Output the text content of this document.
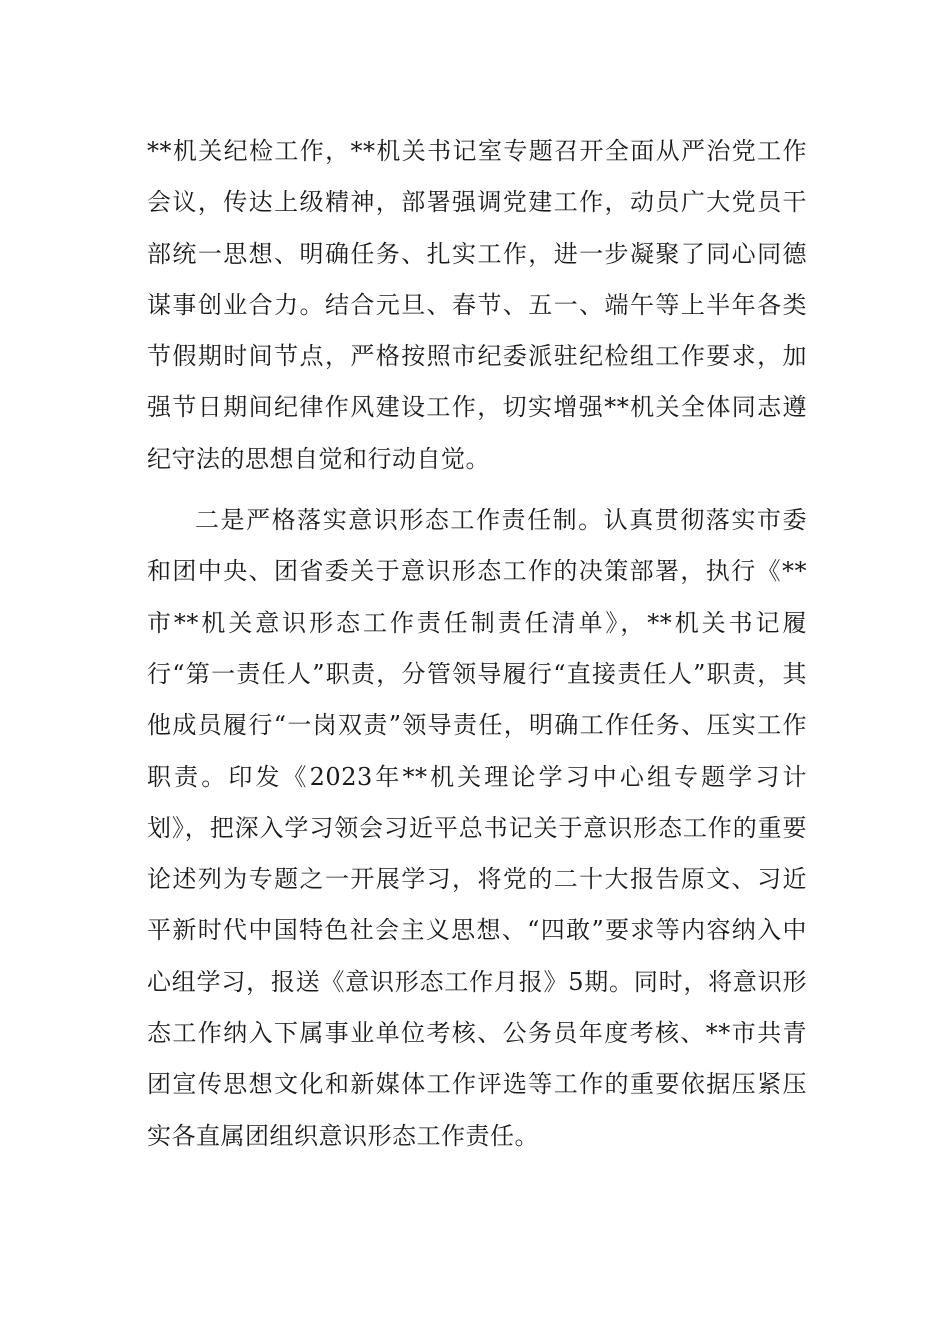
**机关纪检工作，**机关书记室专题召开全面从严治党工作会议，传达上级精神，部署强调党建工作，动员广大党员干部统一思想、明确任务、扎实工作，进一步凝聚了同心同德谋事创业合力。结合元旦、春节、五一、端午等上半年各类节假期时间节点，严格按照市纪委派驻纪检组工作要求，加强节日期间纪律作风建设工作，切实增强**机关全体同志遵纪守法的思想自觉和行动自觉。

二是严格落实意识形态工作责任制。认真贯彻落实市委和团中央、团省委关于意识形态工作的决策部署，执行《**市**机关意识形态工作责任制责任清单》，**机关书记履行“第一责任人”职责，分管领导履行“直接责任人”职责，其他成员履行“一岗双责”领导责任，明确工作任务、压实工作职责。印发《2023年**机关理论学习中心组专题学习计划》，把深入学习领会习近平总书记关于意识形态工作的重要论述列为专题之一开展学习，将党的二十大报告原文、习近平新时代中国特色社会主义思想、“四敢”要求等内容纳入中心组学习，报送《意识形态工作月报》5期。同时，将意识形态工作纳入下属事业单位考核、公务员年度考核、**市共青团宣传思想文化和新媒体工作评选等工作的重要依据压紧压实各直属团组织意识形态工作责任。
